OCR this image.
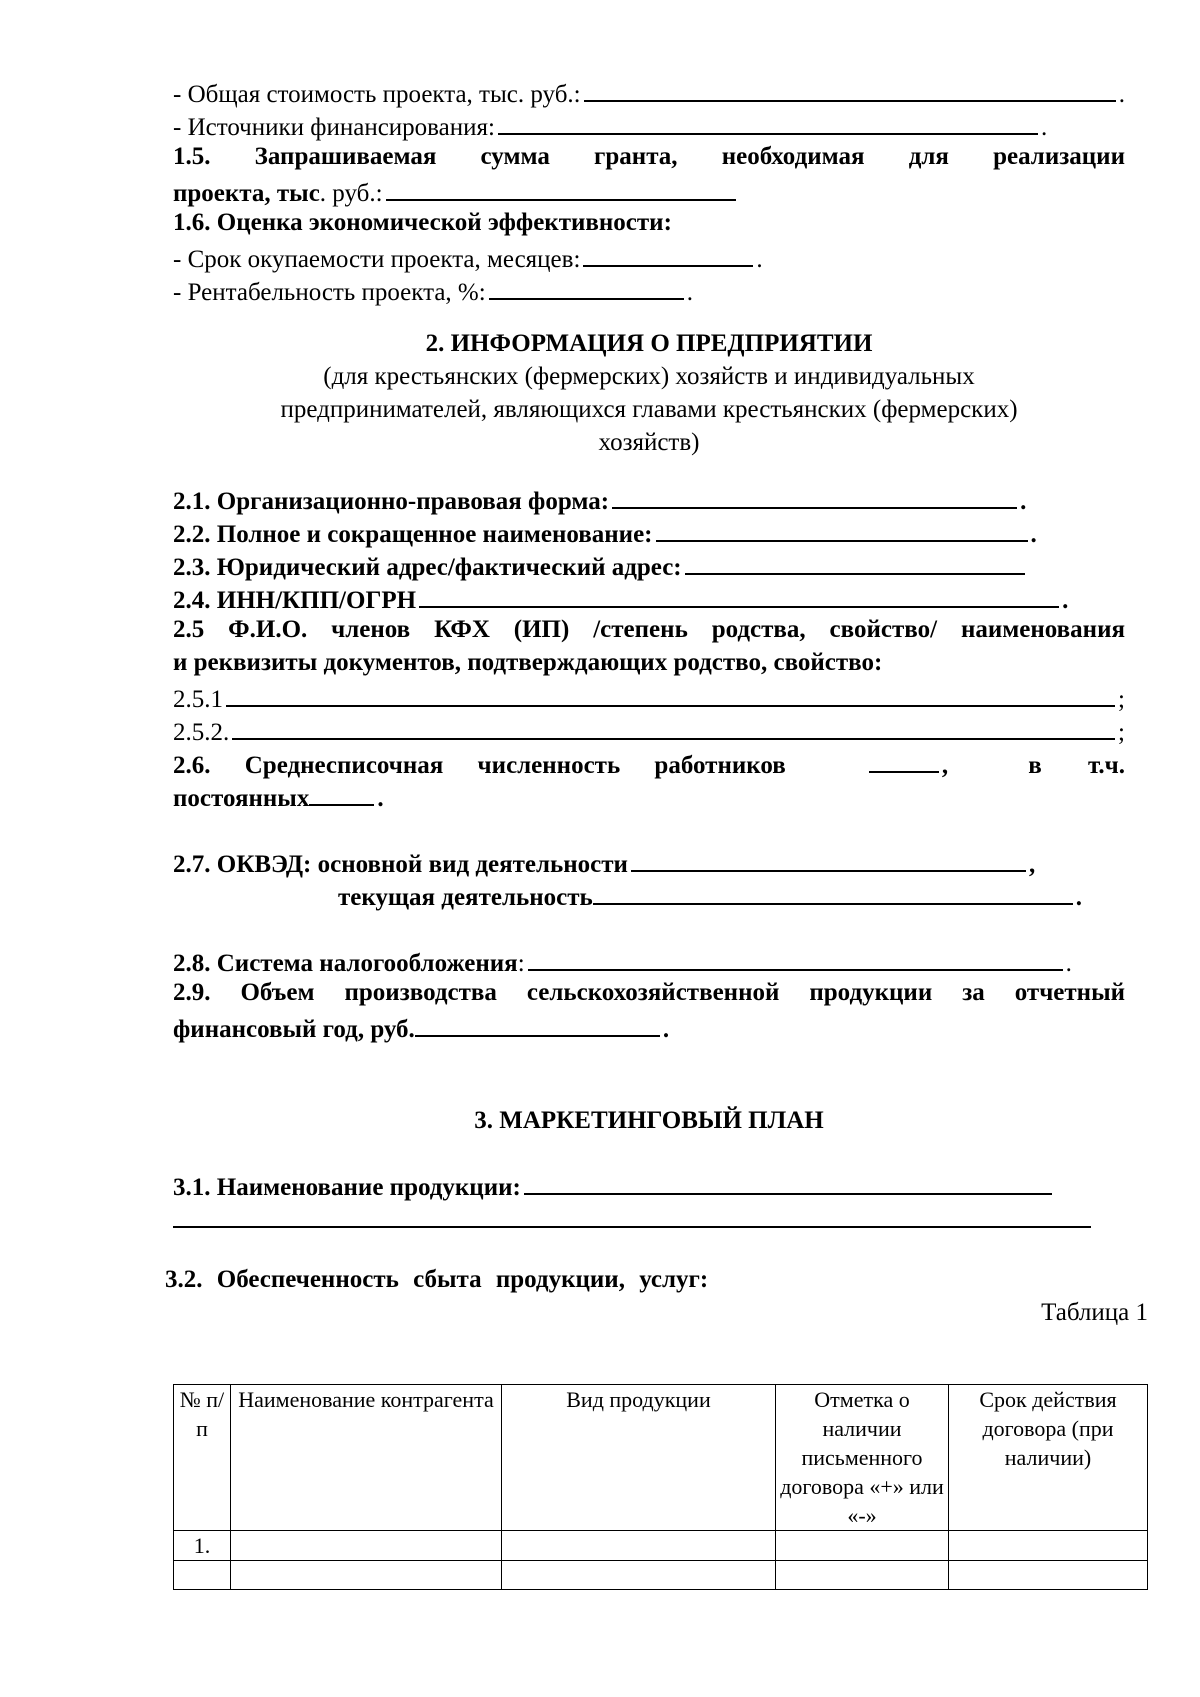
- Общая стоимость проекта, тыс. руб.:	.
- Источники финансирования:	.
1.5. Запрашиваемая сумма гранта, необходимая для реализации
проекта, тыс . руб.:
1.6. Оценка экономической эффективности:
- Срок окупаемости проекта, месяцев:	.
- Рентабельность проекта, %:	.
2. ИНФОРМАЦИЯ О ПРЕДПРИЯТИИ
(для крестьянских (фермерских) хозяйств и индивидуальных
предпринимателей, являющихся главами крестьянских (фермерских)
хозяйств)
2.1. Организационно-правовая форма:	.
2.2. Полное и сокращенное наименование:	.
2.3. Юридический адрес/фактический адрес:
2.4. ИНН/КПП/ОГРН	.
2.5 Ф.И.О. членов КФХ (ИП) /степень родства, свойство/ наименования
и реквизиты документов, подтверждающих родство, свойство:
2.5.1	;
2.5.2.	;
2.6. Среднесписочная численность работников	,	в т.ч.
постоянных	.
2.7. ОКВЭД: основной вид деятельности	,
текущая деятельность	.
2.8. Система налогообложения :	.
2.9. Объем производства сельскохозяйственной продукции за отчетный
финансовый год, руб.	.
3. МАРКЕТИНГОВЫЙ ПЛАН
3.1. Наименование продукции:
3.2. Обеспеченность сбыта продукции, услуг:
Таблица 1
№ п/п	Наименование контрагента	Вид продукции	Отметка о наличии письменного договора «+» или «-»	Срок действия договора (при наличии)
1.				
